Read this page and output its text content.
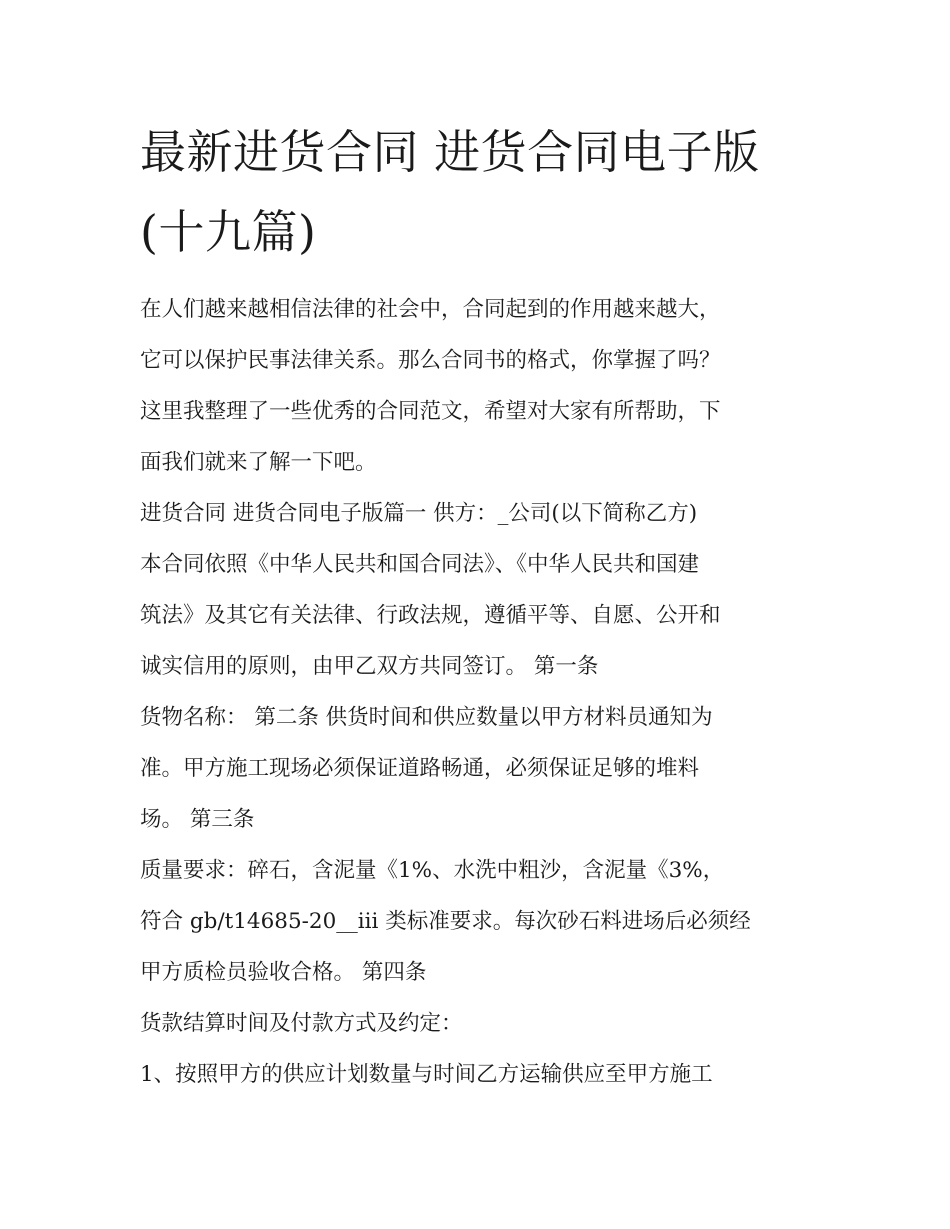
最新进货合同 进货合同电子版
(十九篇)
在人们越来越相信法律的社会中，合同起到的作用越来越大，
它可以保护民事法律关系。那么合同书的格式，你掌握了吗？
这里我整理了一些优秀的合同范文，希望对大家有所帮助，下
面我们就来了解一下吧。
进货合同 进货合同电子版篇一 供方：_公司(以下简称乙方)
本合同依照《中华人民共和国合同法》、《中华人民共和国建
筑法》及其它有关法律、行政法规，遵循平等、自愿、公开和
诚实信用的原则，由甲乙双方共同签订。 第一条
货物名称： 第二条 供货时间和供应数量以甲方材料员通知为
准。甲方施工现场必须保证道路畅通，必须保证足够的堆料
场。 第三条
质量要求：碎石，含泥量《1%、水洗中粗沙，含泥量《3%，
符合 gb/t14685-20__iii 类标准要求。每次砂石料进场后必须经
甲方质检员验收合格。 第四条
货款结算时间及付款方式及约定：
1、按照甲方的供应计划数量与时间乙方运输供应至甲方施工
